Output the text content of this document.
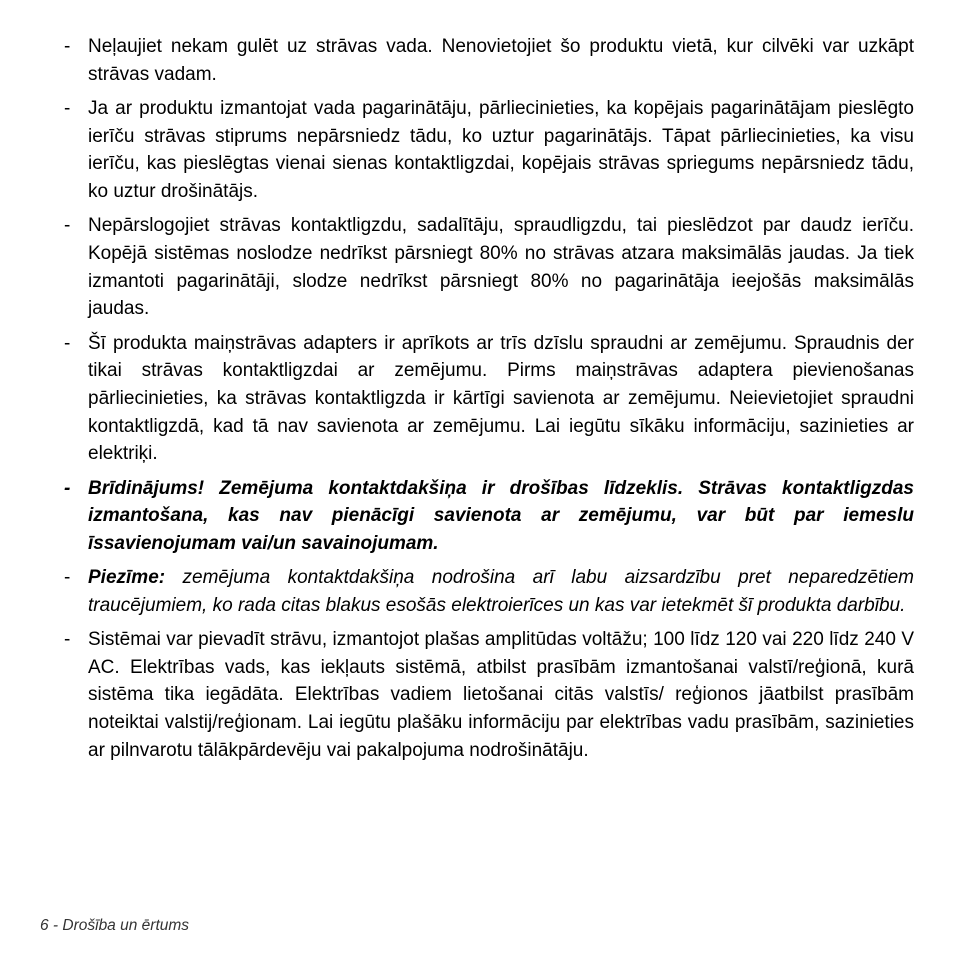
- Neļaujiet nekam gulēt uz strāvas vada. Nenovietojiet šo produktu vietā, kur cilvēki var uzkāpt strāvas vadam.
- Ja ar produktu izmantojat vada pagarinātāju, pārliecinieties, ka kopējais pagarinātājam pieslēgto ierīču strāvas stiprums nepārsniedz tādu, ko uztur pagarinātājs. Tāpat pārliecinieties, ka visu ierīču, kas pieslēgtas vienai sienas kontaktligzdai, kopējais strāvas spriegums nepārsniedz tādu, ko uztur drošinātājs.
- Nepārslogojiet strāvas kontaktligzdu, sadalītāju, spraudligzdu, tai pieslēdzot par daudz ierīču. Kopējā sistēmas noslodze nedrīkst pārsniegt 80% no strāvas atzara maksimālās jaudas. Ja tiek izmantoti pagarinātāji, slodze nedrīkst pārsniegt 80% no pagarinātāja ieejošās maksimālās jaudas.
- Šī produkta maiņstrāvas adapters ir aprīkots ar trīs dzīslu spraudni ar zemējumu. Spraudnis der tikai strāvas kontaktligzdai ar zemējumu. Pirms maiņstrāvas adaptera pievienošanas pārliecinieties, ka strāvas kontaktligzda ir kārtīgi savienota ar zemējumu. Neievietojiet spraudni kontaktligzdā, kad tā nav savienota ar zemējumu. Lai iegūtu sīkāku informāciju, sazinieties ar elektriķi.
- Brīdinājums! Zemējuma kontaktdakšiņa ir drošības līdzeklis. Strāvas kontaktligzdas izmantošana, kas nav pienācīgi savienota ar zemējumu, var būt par iemeslu īssavienojumam vai/un savainojumam.
- Piezīme: zemējuma kontaktdakšiņa nodrošina arī labu aizsardzību pret neparedzētiem traucējumiem, ko rada citas blakus esošās elektroierīces un kas var ietekmēt šī produkta darbību.
- Sistēmai var pievadīt strāvu, izmantojot plašas amplitūdas voltāžu; 100 līdz 120 vai 220 līdz 240 V AC. Elektrības vads, kas iekļauts sistēmā, atbilst prasībām izmantošanai valstī/reģionā, kurā sistēma tika iegādāta. Elektrības vadiem lietošanai citās valstīs/ reģionos jāatbilst prasībām noteiktai valstij/reģionam. Lai iegūtu plašāku informāciju par elektrības vadu prasībām, sazinieties ar pilnvarotu tālākpārdevēju vai pakalpojuma nodrošinātāju.
6 - Drošība un ērtums
